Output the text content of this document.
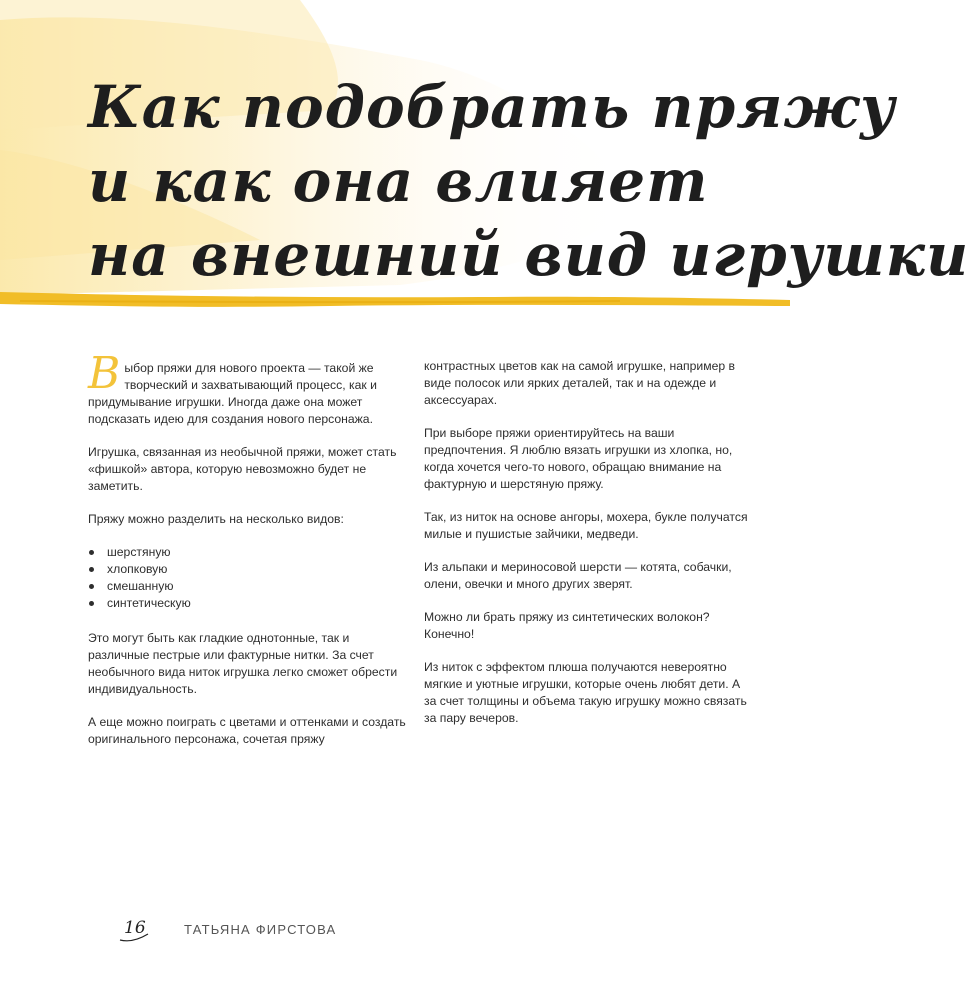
Как подобрать пряжу
и как она влияет
на внешний вид игрушки

В ыбор пряжи для нового проекта — такой же творческий и захватывающий процесс, как и придумывание игрушки. Иногда даже она может подсказать идею для создания нового персонажа.

Игрушка, связанная из необычной пряжи, может стать «фишкой» автора, которую невозможно будет не заметить.

Пряжу можно разделить на несколько видов:

шерстяную
хлопковую
смешанную
синтетическую

Это могут быть как гладкие однотонные, так и различные пестрые или фактурные нитки. За счет необычного вида ниток игрушка легко сможет обрести индивидуальность.

А еще можно поиграть с цветами и оттенками и создать оригинального персонажа, сочетая пряжу

контрастных цветов как на самой игрушке, например в виде полосок или ярких деталей, так и на одежде и аксессуарах.

При выборе пряжи ориентируйтесь на ваши предпочтения. Я люблю вязать игрушки из хлопка, но, когда хочется чего-то нового, обращаю внимание на фактурную и шерстяную пряжу.

Так, из ниток на основе ангоры, мохера, букле получатся милые и пушистые зайчики, медведи.

Из альпаки и мериносовой шерсти — котята, собачки, олени, овечки и много других зверят.

Можно ли брать пряжу из синтетических волокон? Конечно!

Из ниток с эффектом плюша получаются невероятно мягкие и уютные игрушки, которые очень любят дети. А за счет толщины и объема такую игрушку можно связать за пару вечеров.

16	ТАТЬЯНА ФИРСТОВА
